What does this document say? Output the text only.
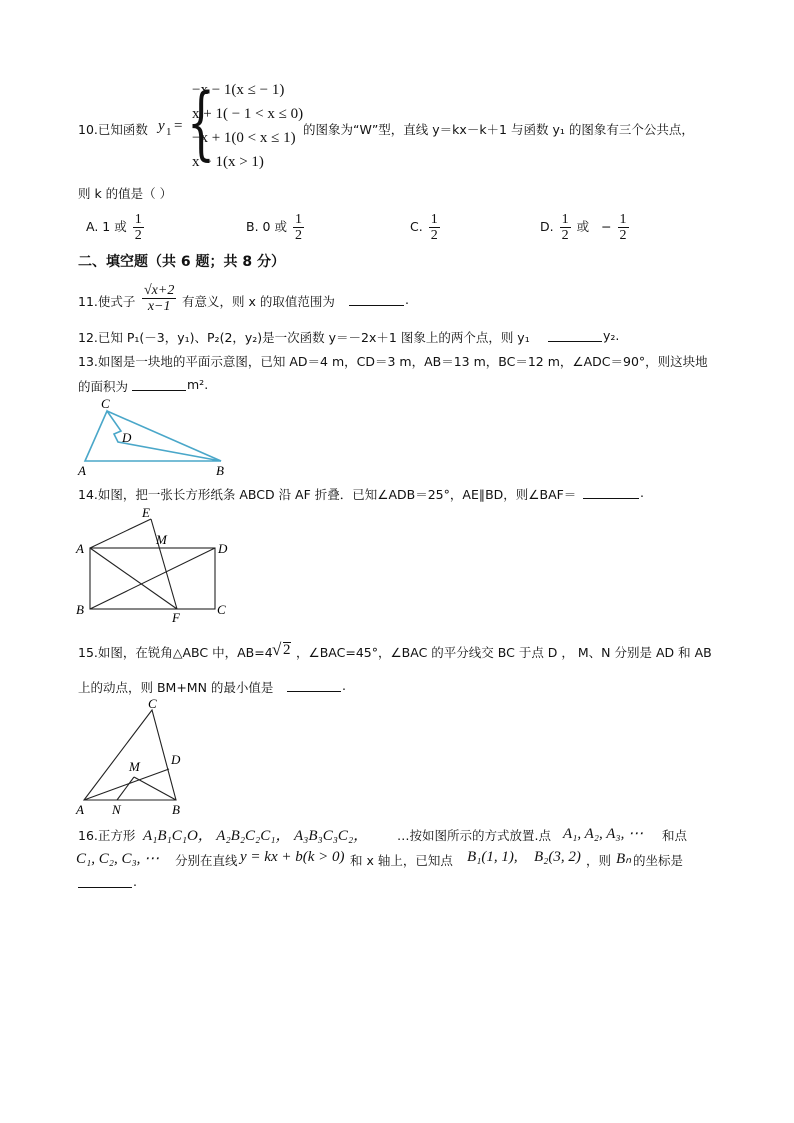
10.已知函数 y 1 = {
−x − 1(x ≤ − 1)
x + 1( − 1 < x ≤ 0)
−x + 1(0 < x ≤ 1)
x − 1(x > 1)
的图象为“W”型，直线 y＝kx－k＋1 与函数 y₁ 的图象有三个公共点，
则 k 的值是（ ）
A. 1 或 $\frac{1}{2}$	B. 0 或 $\frac{1}{2}$	C. $\frac{1}{2}$	D. $\frac{1}{2}$ 或 − $\frac{1}{2}$
二、填空题（共 6 题；共 8 分）
11.使式子 $\frac{√x+2}{x-1}$ 有意义，则 x 的取值范围为	.
12.已知 P₁(－3，y₁)、P₂(2，y₂)是一次函数 y＝－2x＋1 图象上的两个点，则 y₁	y₂.
13.如图是一块地的平面示意图，已知 AD＝4 m，CD＝3 m，AB＝13 m，BC＝12 m，∠ADC＝90°，则这块地
的面积为	m².
C
D
A	B
14.如图，把一张长方形纸条 ABCD 沿 AF 折叠．已知∠ADB＝25°，AE∥BD，则∠BAF＝	.
E
M
A	D
B
F
C
15.如图，在锐角△ABC 中，AB=4 √ 2 ，∠BAC=45°，∠BAC 的平分线交 BC 于点 D ， M、N 分别是 AD 和 AB
上的动点，则 BM+MN 的最小值是	.
C
D
M
A N	B
16.正方形 A₁B₁C₁O， A₂B₂C₂C₁， A₃B₃C₃C₂， …按如图所示的方式放置.点 A₁, A₂, A₃, ⋯ 和点
C₁, C₂, C₃, ⋯ 分别在直线 y = kx + b(k > 0) 和 x 轴上，已知点 B₁(1, 1), B₂(3, 2) ，则 Bₙ 的坐标是
.
